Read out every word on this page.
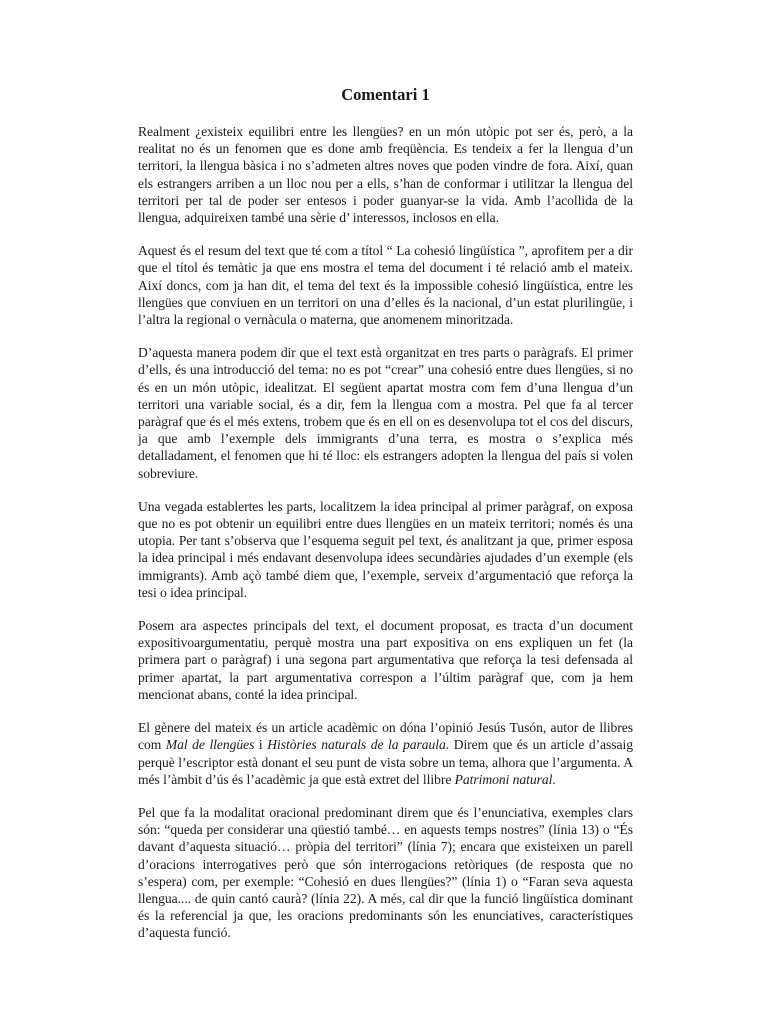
Comentari 1

Realment ¿existeix equilibri entre les llengües? en un món utòpic pot ser és, però, a la realitat no és un fenomen que es done amb freqüència. Es tendeix a fer la llengua d’un territori, la llengua bàsica i no s’admeten altres noves que poden vindre de fora. Així, quan els estrangers arriben a un lloc nou per a ells, s’han de conformar i utilitzar la llengua del territori per tal de poder ser entesos i poder guanyar-se la vida. Amb l’acollida de la llengua, adquireixen també una sèrie d’ interessos, inclosos en ella.

Aquest és el resum del text que té com a títol “ La cohesió lingüística ”, aprofitem per a dir que el títol és temàtic ja que ens mostra el tema del document i té relació amb el mateix. Així doncs, com ja han dit, el tema del text és la impossible cohesió lingüística, entre les llengües que conviuen en un territori on una d’elles és la nacional, d’un estat plurilingüe, i l’altra la regional o vernàcula o materna, que anomenem minoritzada.

D’aquesta manera podem dir que el text està organitzat en tres parts o paràgrafs. El primer d’ells, és una introducció del tema: no es pot “crear” una cohesió entre dues llengües, si no és en un món utòpic, idealitzat. El següent apartat mostra com fem d’una llengua d’un territori una variable social, és a dir, fem la llengua com a mostra. Pel que fa al tercer paràgraf que és el més extens, trobem que és en ell on es desenvolupa tot el cos del discurs, ja que amb l’exemple dels immigrants d’una terra, es mostra o s’explica més detalladament, el fenomen que hi té lloc: els estrangers adopten la llengua del país si volen sobreviure.

Una vegada establertes les parts, localitzem la idea principal al primer paràgraf, on exposa que no es pot obtenir un equilibri entre dues llengües en un mateix territori; només és una utopia. Per tant s’observa que l’esquema seguit pel text, és analitzant ja que, primer esposa la idea principal i més endavant desenvolupa idees secundàries ajudades d’un exemple (els immigrants). Amb açò també diem que, l’exemple, serveix d’argumentació que reforça la tesi o idea principal.

Posem ara aspectes principals del text, el document proposat, es tracta d’un document expositivoargumentatiu, perquè mostra una part expositiva on ens expliquen un fet (la primera part o paràgraf) i una segona part argumentativa que reforça la tesi defensada al primer apartat, la part argumentativa correspon a l’últim paràgraf que, com ja hem mencionat abans, conté la idea principal.

El gènere del mateix és un article acadèmic on dóna l’opinió Jesús Tusón, autor de llibres com Mal de llengües i Històries naturals de la paraula. Direm que és un article d’assaig perquè l’escriptor està donant el seu punt de vista sobre un tema, alhora que l’argumenta. A més l’àmbit d’ús és l’acadèmic ja que està extret del llibre Patrimoni natural.

Pel que fa la modalitat oracional predominant direm que és l’enunciativa, exemples clars són: “queda per considerar una qüestió també… en aquests temps nostres” (línia 13) o “És davant d’aquesta situació… pròpia del territori” (línia 7); encara que existeixen un parell d’oracions interrogatives però que són interrogacions retòriques (de resposta que no s’espera) com, per exemple: “Cohesió en dues llengües?” (línia 1) o “Faran seva aquesta llengua.... de quin cantó caurà? (línia 22). A més, cal dir que la funció lingüística dominant és la referencial ja que, les oracions predominants són les enunciatives, característiques d’aquesta funció.
